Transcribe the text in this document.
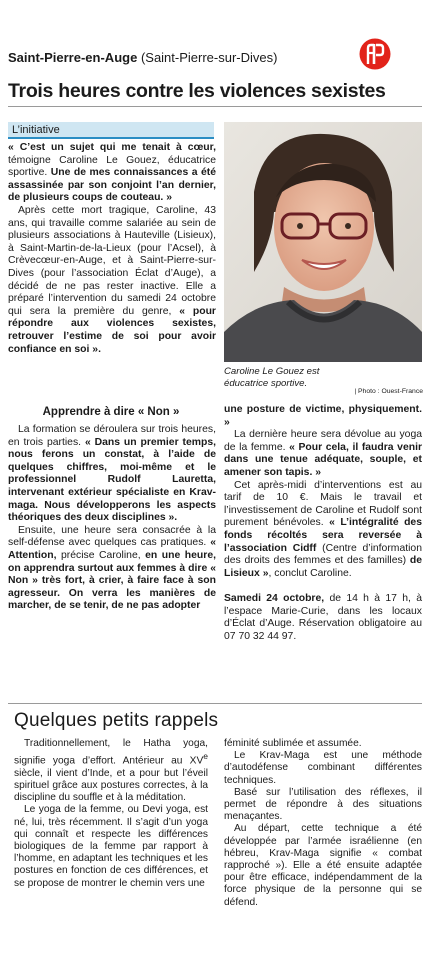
Saint-Pierre-en-Auge (Saint-Pierre-sur-Dives)
Trois heures contre les violences sexistes
L’initiative

« C’est un sujet qui me tenait à cœur, témoigne Caroline Le Gouez, éducatrice sportive. Une de mes connaissances a été assassinée par son conjoint l’an dernier, de plusieurs coups de couteau. »

Après cette mort tragique, Caroline, 43 ans, qui travaille comme salariée au sein de plusieurs associations à Hauteville (Lisieux), à Saint-Martin-de-la-Lieux (pour l’Acsel), à Crèvecœur-en-Auge, et à Saint-Pierre-sur-Dives (pour l’association Éclat d’Auge), a décidé de ne pas rester inactive. Elle a préparé l’intervention du samedi 24 octobre qui sera la première du genre, « pour répondre aux violences sexistes, retrouver l’estime de soi pour avoir confiance en soi ».

Apprendre à dire « Non »

La formation se déroulera sur trois heures, en trois parties. « Dans un premier temps, nous ferons un constat, à l’aide de quelques chiffres, moi-même et le professionnel Rudolf Lauretta, intervenant extérieur spécialiste en Krav-maga. Nous développerons les aspects théoriques des deux disciplines ».

Ensuite, une heure sera consacrée à la self-défense avec quelques cas pratiques. « Attention, précise Caroline, en une heure, on apprendra surtout aux femmes à dire « Non » très fort, à crier, à faire face à son agresseur. On verra les manières de marcher, de se tenir, de ne pas adopter

Caroline Le Gouez est éducatrice sportive.
| Photo : Ouest-France

une posture de victime, physiquement. »

La dernière heure sera dévolue au yoga de la femme. « Pour cela, il faudra venir dans une tenue adéquate, souple, et amener son tapis. »

Cet après-midi d’interventions est au tarif de 10 €. Mais le travail et l’investissement de Caroline et Rudolf sont purement bénévoles. « L’intégralité des fonds récoltés sera reversée à l’association Cidff (Centre d’information des droits des femmes et des familles) de Lisieux », conclut Caroline.

Samedi 24 octobre, de 14 h à 17 h, à l’espace Marie-Curie, dans les locaux d’Éclat d’Auge. Réservation obligatoire au 07 70 32 44 97.

Quelques petits rappels

Traditionnellement, le Hatha yoga, signifie yoga d’effort. Antérieur au XVe siècle, il vient d’Inde, et a pour but l’éveil spirituel grâce aux postures correctes, à la discipline du souffle et à la méditation.

Le yoga de la femme, ou Devi yoga, est né, lui, très récemment. Il s’agit d’un yoga qui connaît et respecte les différences biologiques de la femme par rapport à l’homme, en adaptant les techniques et les postures en fonction de ces différences, et se propose de montrer le chemin vers une

féminité sublimée et assumée.

Le Krav-Maga est une méthode d’autodéfense combinant différentes techniques.

Basé sur l’utilisation des réflexes, il permet de répondre à des situations menaçantes.

Au départ, cette technique a été développée par l’armée israélienne (en hébreu, Krav-Maga signifie « combat rapproché »). Elle a été ensuite adaptée pour être efficace, indépendamment de la force physique de la personne qui se défend.
